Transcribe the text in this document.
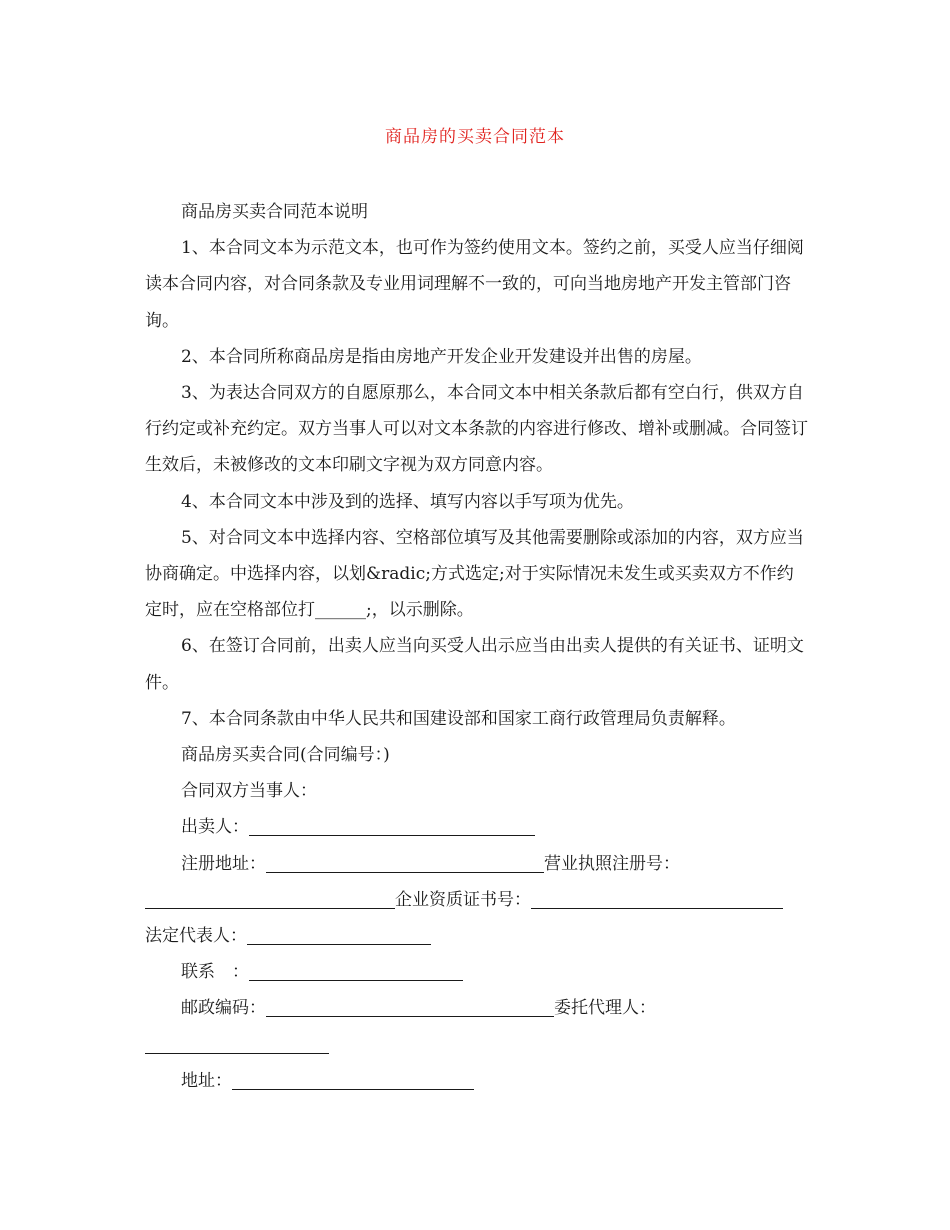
商品房的买卖合同范本

商品房买卖合同范本说明

1、本合同文本为示范文本，也可作为签约使用文本。签约之前，买受人应当仔细阅读本合同内容，对合同条款及专业用词理解不一致的，可向当地房地产开发主管部门咨询。

2、本合同所称商品房是指由房地产开发企业开发建设并出售的房屋。

3、为表达合同双方的自愿原那么，本合同文本中相关条款后都有空白行，供双方自行约定或补充约定。双方当事人可以对文本条款的内容进行修改、增补或删减。合同签订生效后，未被修改的文本印刷文字视为双方同意内容。

4、本合同文本中涉及到的选择、填写内容以手写项为优先。

5、对合同文本中选择内容、空格部位填写及其他需要删除或添加的内容，双方应当协商确定。中选择内容，以划&radic;方式选定;对于实际情况未发生或买卖双方不作约定时，应在空格部位打______;，以示删除。

6、在签订合同前，出卖人应当向买受人出示应当由出卖人提供的有关证书、证明文件。

7、本合同条款由中华人民共和国建设部和国家工商行政管理局负责解释。

商品房买卖合同(合同编号：)

合同双方当事人：

出卖人：

注册地址：	营业执照注册号：

企业资质证书号：

法定代表人：

联系　：

邮政编码：	委托代理人：

地址：
